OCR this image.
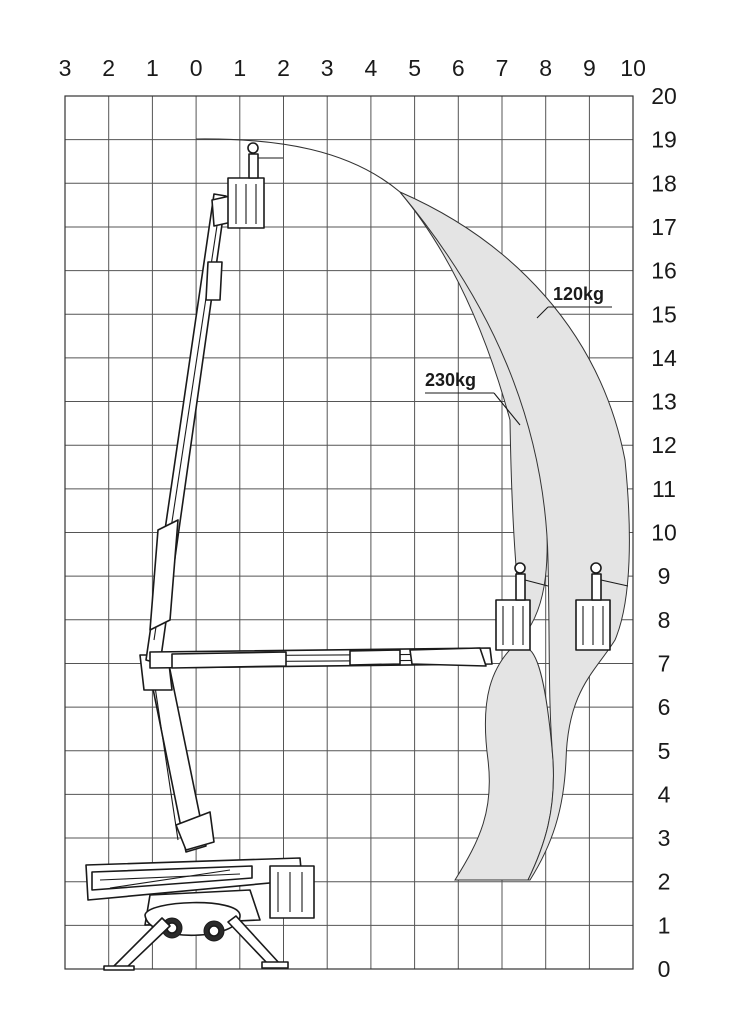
3 2 1 0 1 2 3 4 5 6 7 8 9 10
20
19
18
17
16
15
14
13
12
11
10
9
8
7
6
5
4
3
2
1
0
120kg
230kg
